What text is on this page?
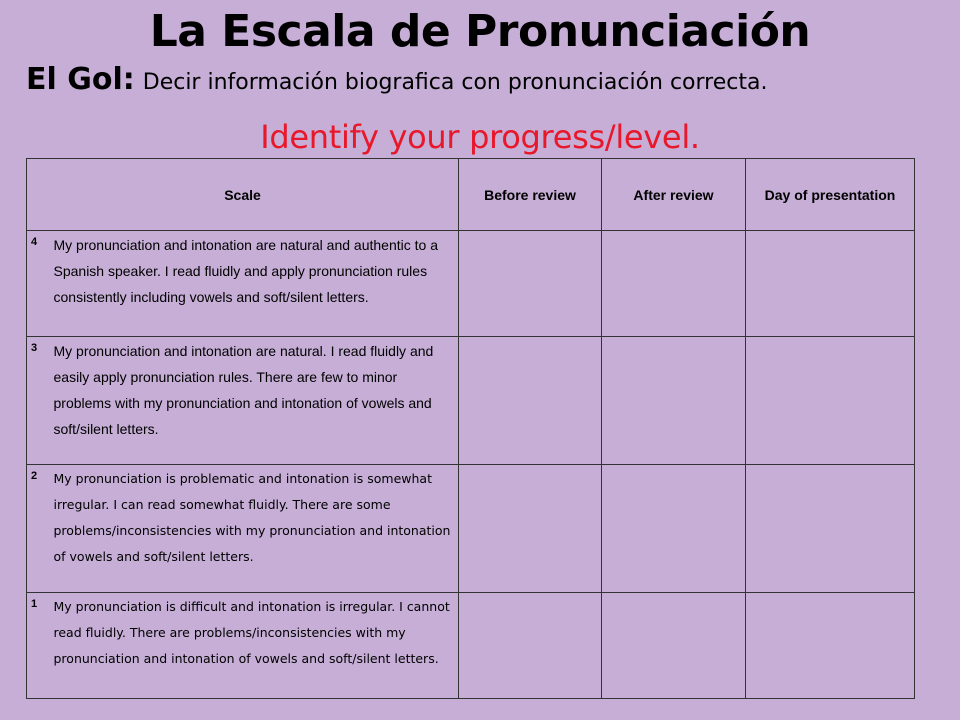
La Escala de Pronunciación
El Gol: Decir información biografica con pronunciación correcta.
Identify your progress/level.
Scale		Before review	After review	Day of presentation
4	My pronunciation and intonation are natural and authentic to a Spanish speaker. I read fluidly and apply pronunciation rules consistently including vowels and soft/silent letters.			
3	My pronunciation and intonation are natural. I read fluidly and easily apply pronunciation rules. There are few to minor problems with my pronunciation and intonation of vowels and soft/silent letters.			
2	My pronunciation is problematic and intonation is somewhat irregular. I can read somewhat fluidly. There are some problems/inconsistencies with my pronunciation and intonation of vowels and soft/silent letters.			
1	My pronunciation is difficult and intonation is irregular. I cannot read fluidly. There are problems/inconsistencies with my pronunciation and intonation of vowels and soft/silent letters.			
